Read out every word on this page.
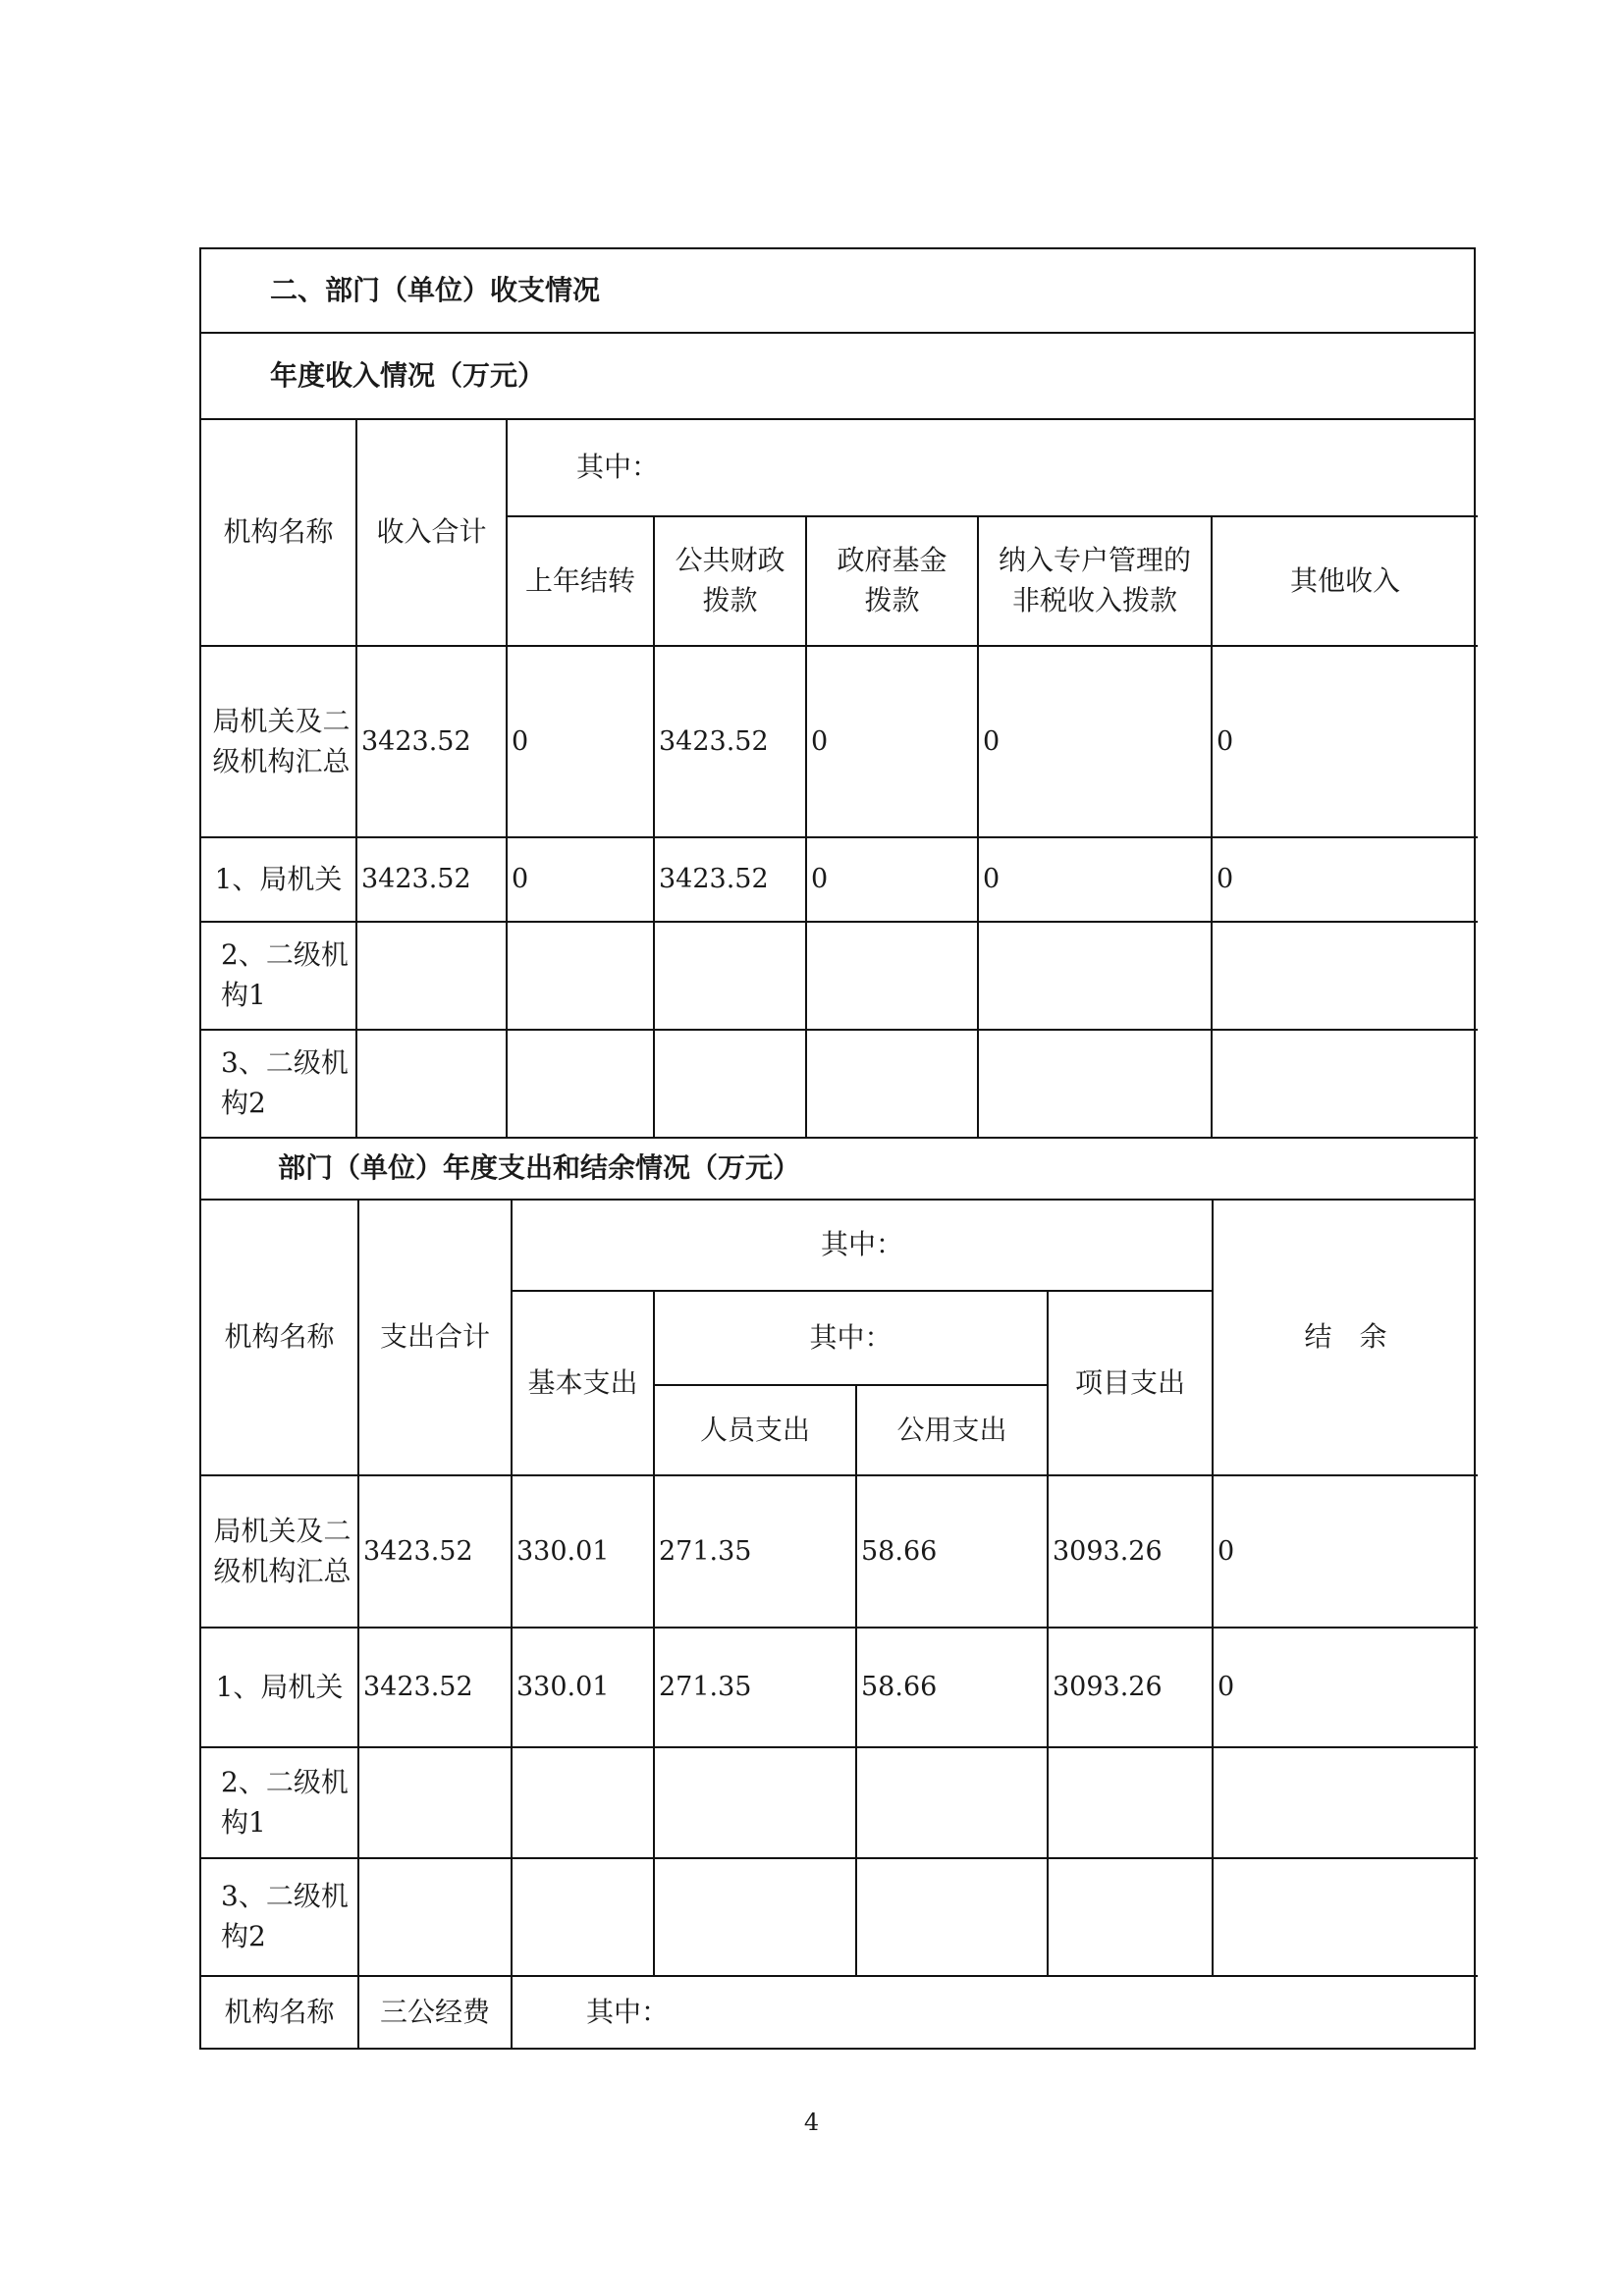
二、部门（单位）收支情况
年度收入情况（万元）
机构名称	收入合计	其中：				
		上年结转	公共财政拨款	政府基金拨款	纳入专户管理的非税收入拨款	其他收入
局机关及二级机构汇总	3423.52	0	3423.52	0	0	0
1、局机关	3423.52	0	3423.52	0	0	0
2、二级机构1						
3、二级机构2						
部门（单位）年度支出和结余情况（万元）
机构名称	支出合计	其中：				结　余
		基本支出	其中：		项目支出	
			人员支出	公用支出		
局机关及二级机构汇总	3423.52	330.01	271.35	58.66	3093.26	0
1、局机关	3423.52	330.01	271.35	58.66	3093.26	0
2、二级机构1						
3、二级机构2						
机构名称	三公经费	其中：
4
